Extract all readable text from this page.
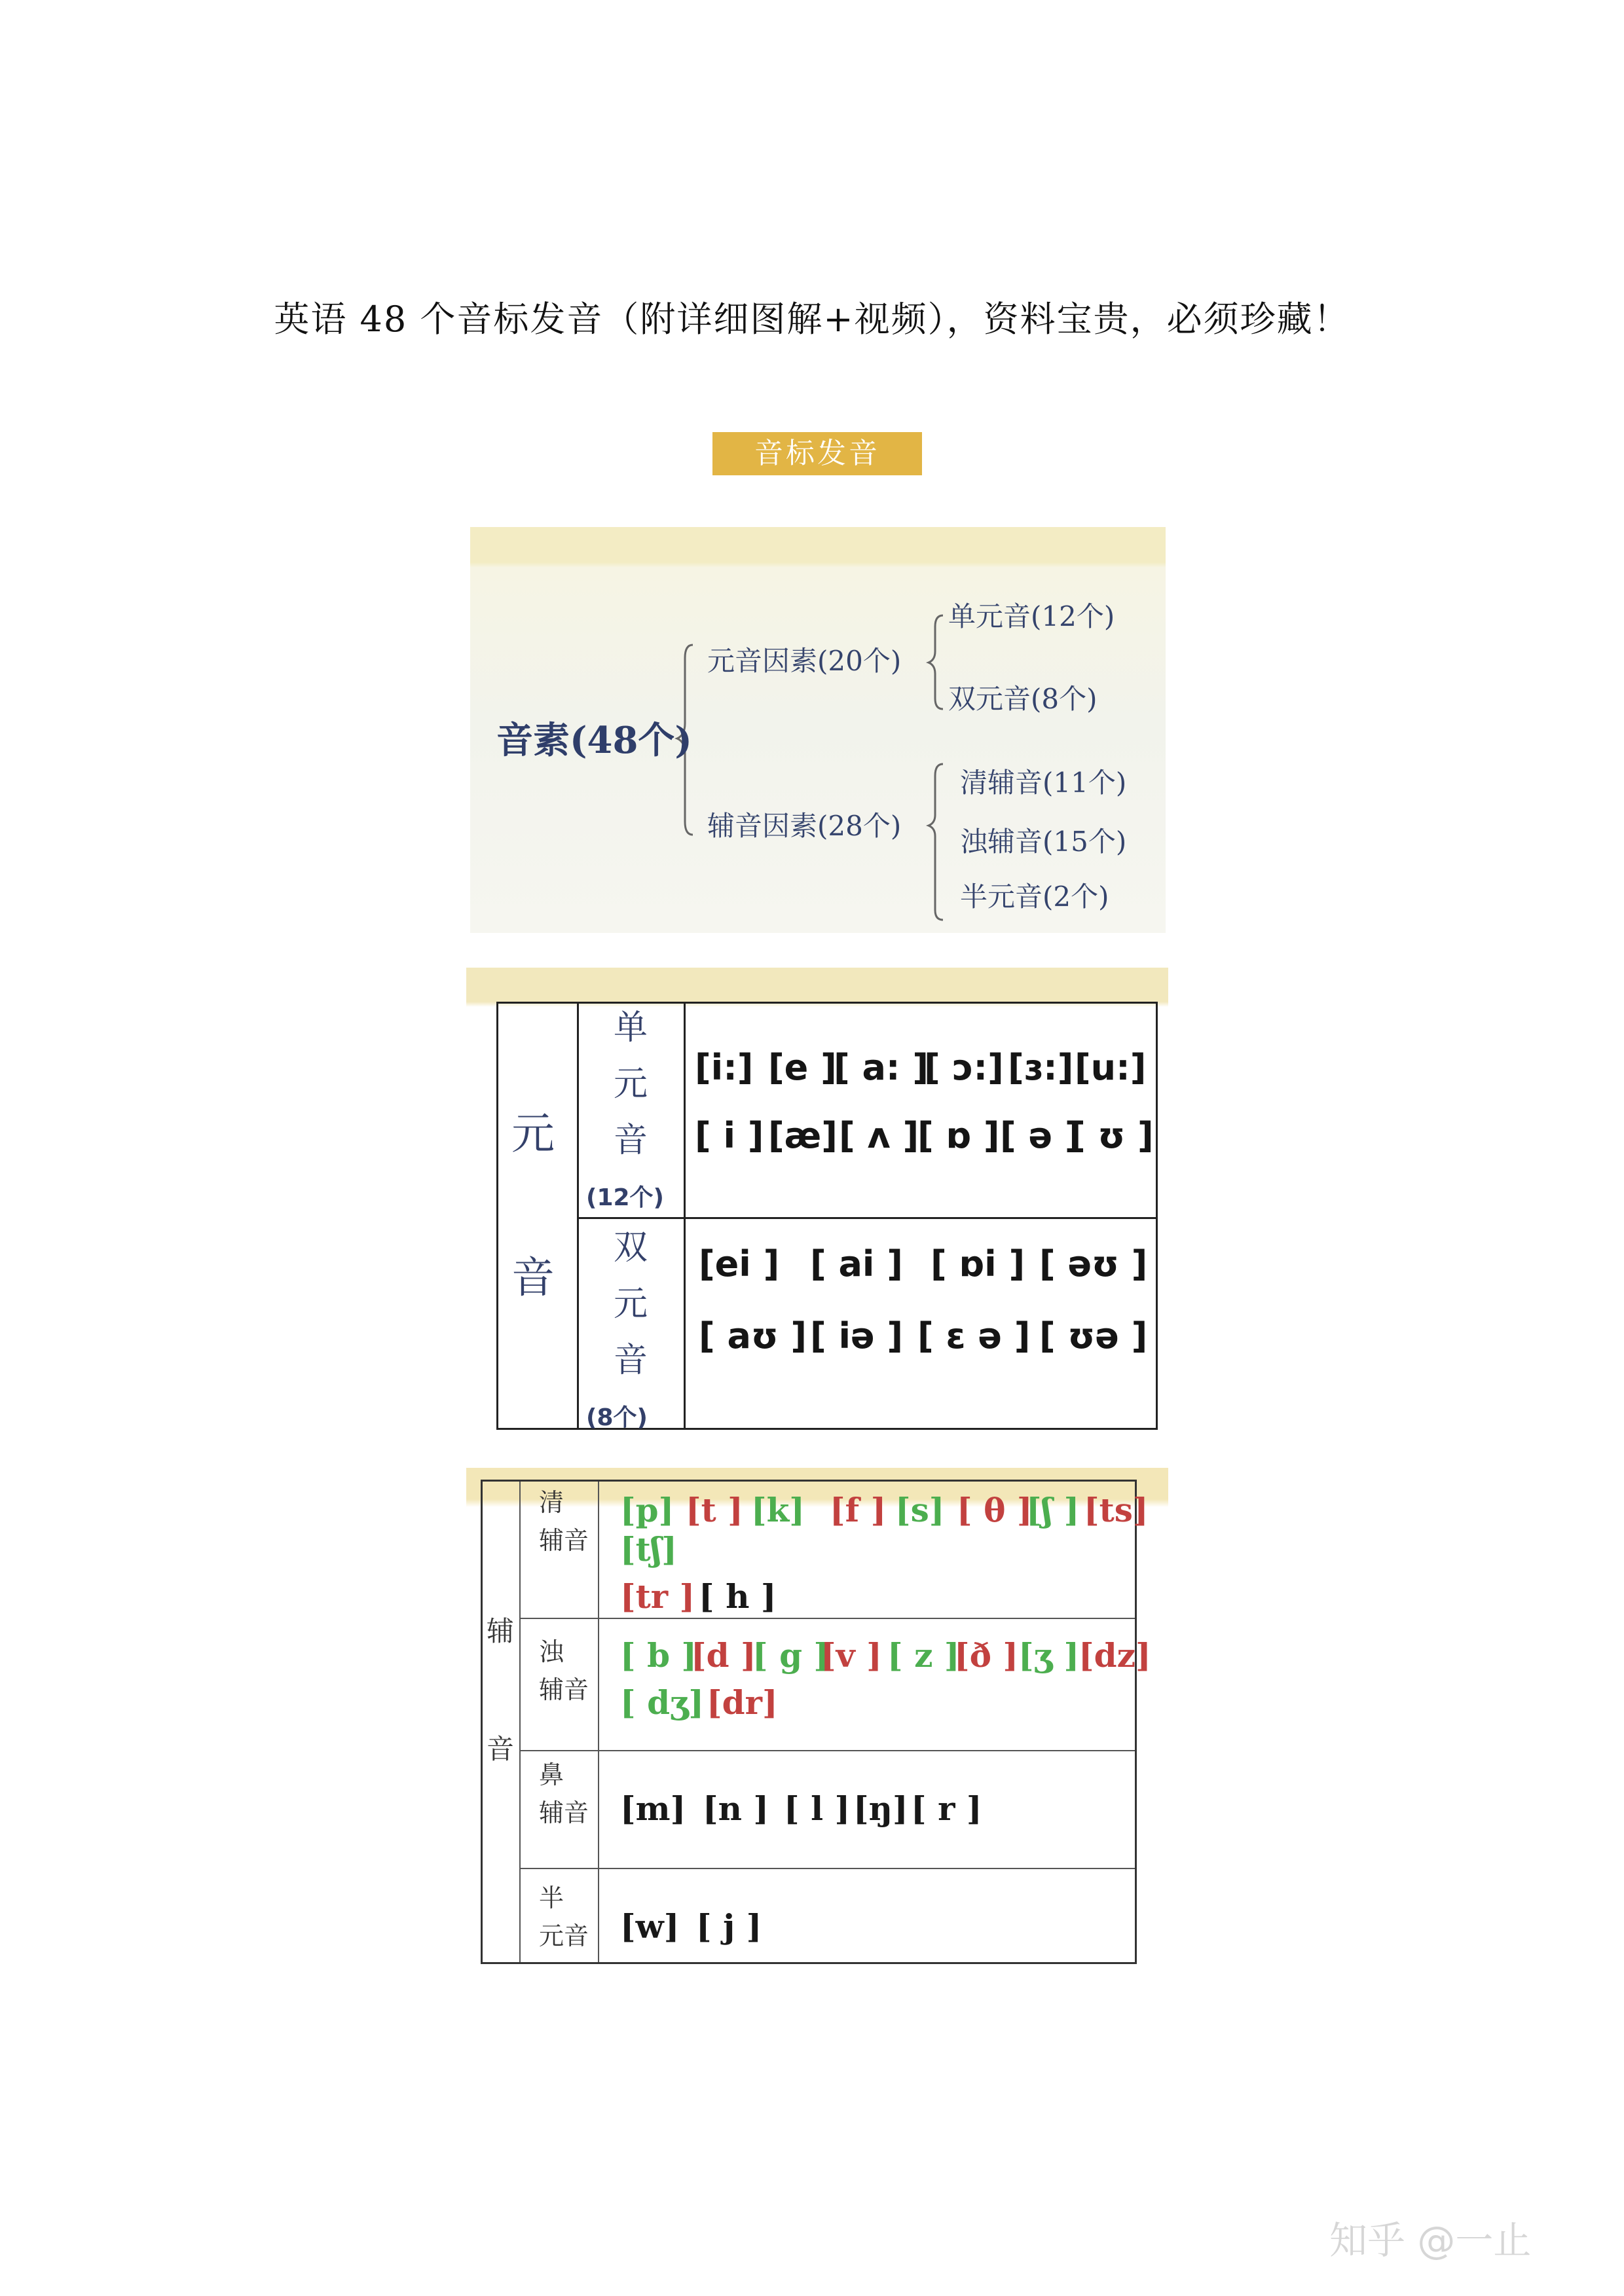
英语 48 个音标发音（附详细图解+视频），资料宝贵，必须珍藏！
音标发音
音素(48个)
元音因素(20个)
辅音因素(28个)
单元音(12个)
双元音(8个)
清辅音(11个)
浊辅音(15个)
半元音(2个)
元
音
单
元
音
(12个)
双
元
音
(8个)
[i:] [e ]
[ a: ]
[ ɔ:] [ɜ:] [u:]
[ i ] [æ] [ ʌ ]
[ ɒ ] [ ə ]
[ ʊ ]
[ei ] [ ai ] [ ɒi ] [ əʊ ]
[ aʊ ] [ iə ] [ ɛ ə ] [ ʊə ]
辅
音
清
辅音
浊
辅音
鼻
辅音
半
元音
[p] [t ] [k] [f ] [s] [ θ ]
[ʃ ] [ts]
[tʃ]
[tr ] [ h ]
[ b ]
[d ]
[ g ]
[v ] [ z ]
[ð ] [ʒ ]
[dz]
[ dʒ] [dr]
[m] [n ] [ l ] [ŋ] [ r ]
[w] [ j ]
知乎 @一止
